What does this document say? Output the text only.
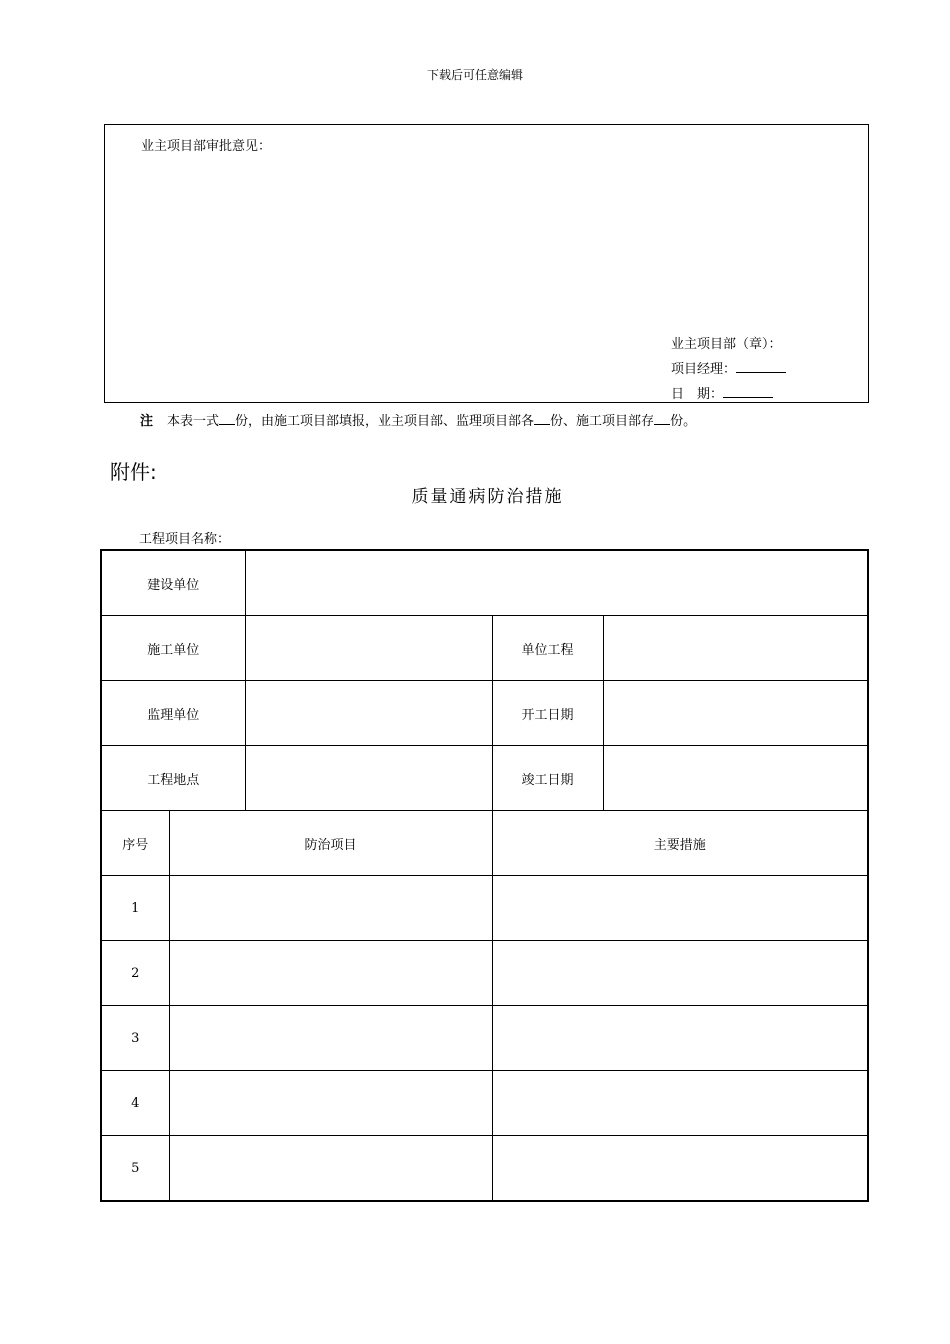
下载后可任意编辑
业主项目部审批意见：
业主项目部（章）：
项目经理：
日　期：
注 本表一式 份，由施工项目部填报，业主项目部、监理项目部各 份、施工项目部存 份。
附件:
质量通病防治措施
工程项目名称：
建设单位				
施工单位			单位工程	
监理单位			开工日期	
工程地点			竣工日期	
序号	防治项目		主要措施	
1				
2				
3				
4				
5				
